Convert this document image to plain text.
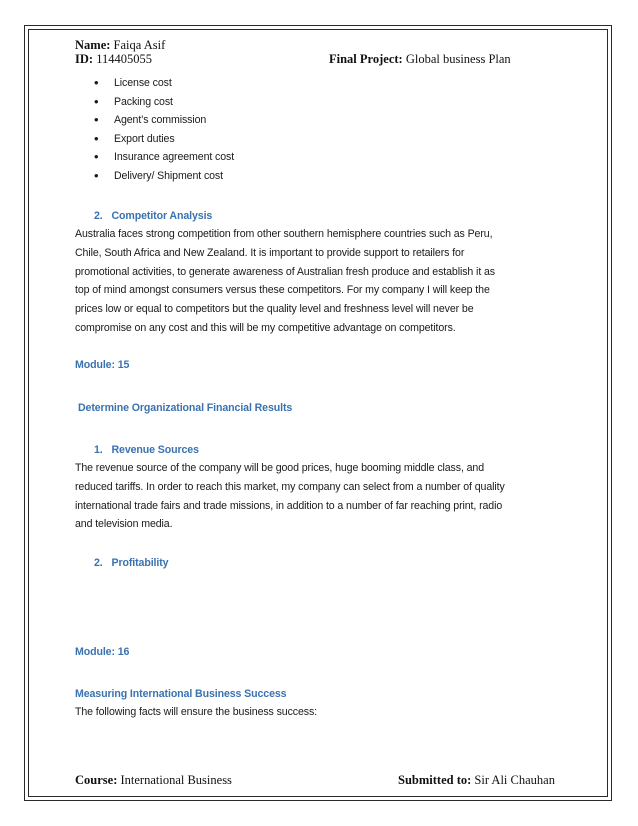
Name: Faiqa Asif
ID: 114405055	Final Project: Global business Plan
• License cost
• Packing cost
• Agent’s commission
• Export duties
• Insurance agreement cost
• Delivery/ Shipment cost
2. Competitor Analysis
Australia faces strong competition from other southern hemisphere countries such as Peru,
Chile, South Africa and New Zealand. It is important to provide support to retailers for
promotional activities, to generate awareness of Australian fresh produce and establish it as
top of mind amongst consumers versus these competitors. For my company I will keep the
prices low or equal to competitors but the quality level and freshness level will never be
compromise on any cost and this will be my competitive advantage on competitors.
Module: 15
Determine Organizational Financial Results
1. Revenue Sources
The revenue source of the company will be good prices, huge booming middle class, and
reduced tariffs. In order to reach this market, my company can select from a number of quality
international trade fairs and trade missions, in addition to a number of far reaching print, radio
and television media.
2. Profitability
Module: 16
Measuring International Business Success
The following facts will ensure the business success:
Course: International Business	Submitted to: Sir Ali Chauhan
